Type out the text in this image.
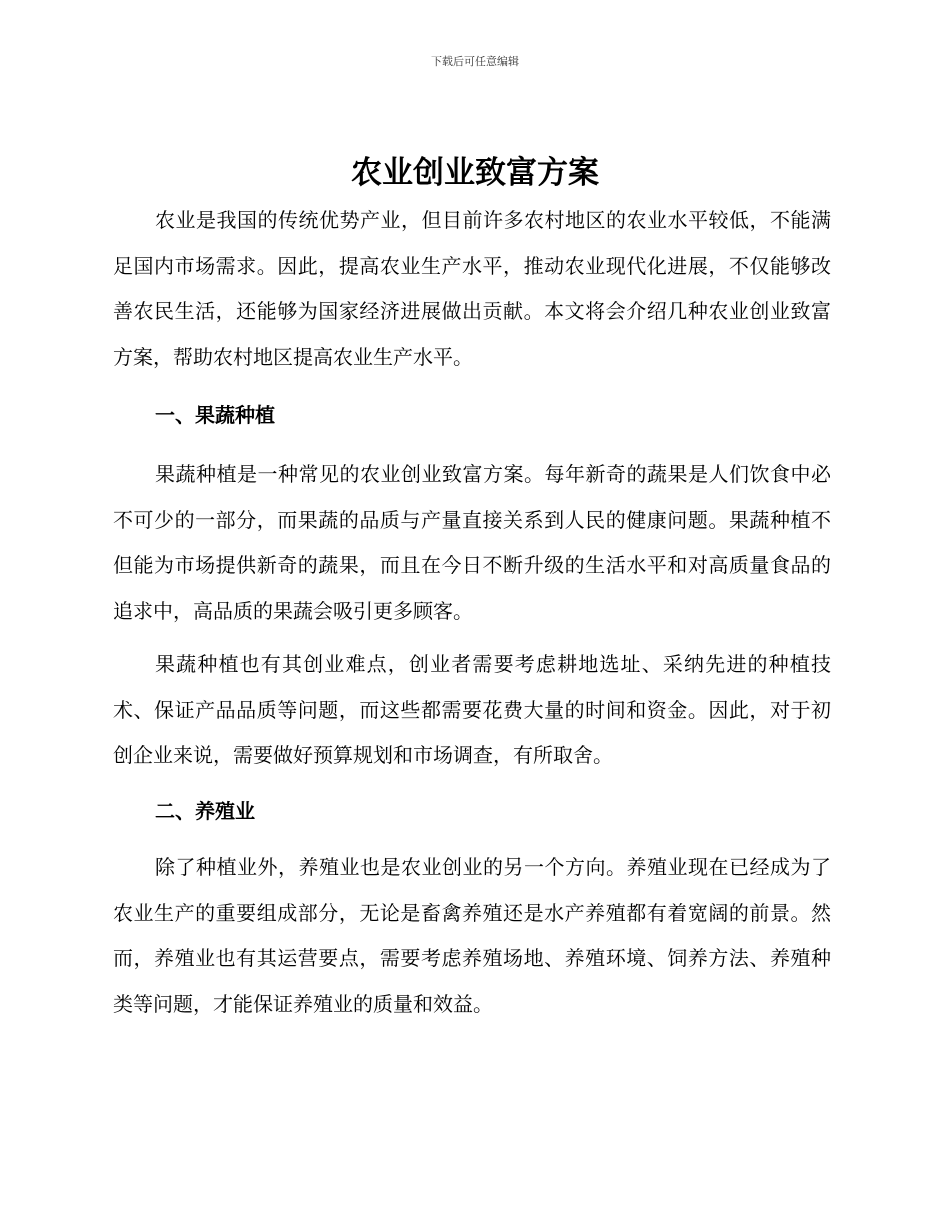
下载后可任意编辑
农业创业致富方案

农业是我国的传统优势产业，但目前许多农村地区的农业水平较低，不能满足国内市场需求。因此，提高农业生产水平，推动农业现代化进展，不仅能够改善农民生活，还能够为国家经济进展做出贡献。本文将会介绍几种农业创业致富方案，帮助农村地区提高农业生产水平。

一、果蔬种植

果蔬种植是一种常见的农业创业致富方案。每年新奇的蔬果是人们饮食中必不可少的一部分，而果蔬的品质与产量直接关系到人民的健康问题。果蔬种植不但能为市场提供新奇的蔬果，而且在今日不断升级的生活水平和对高质量食品的追求中，高品质的果蔬会吸引更多顾客。

果蔬种植也有其创业难点，创业者需要考虑耕地选址、采纳先进的种植技术、保证产品品质等问题，而这些都需要花费大量的时间和资金。因此，对于初创企业来说，需要做好预算规划和市场调查，有所取舍。

二、养殖业

除了种植业外，养殖业也是农业创业的另一个方向。养殖业现在已经成为了农业生产的重要组成部分，无论是畜禽养殖还是水产养殖都有着宽阔的前景。然而，养殖业也有其运营要点，需要考虑养殖场地、养殖环境、饲养方法、养殖种类等问题，才能保证养殖业的质量和效益。
